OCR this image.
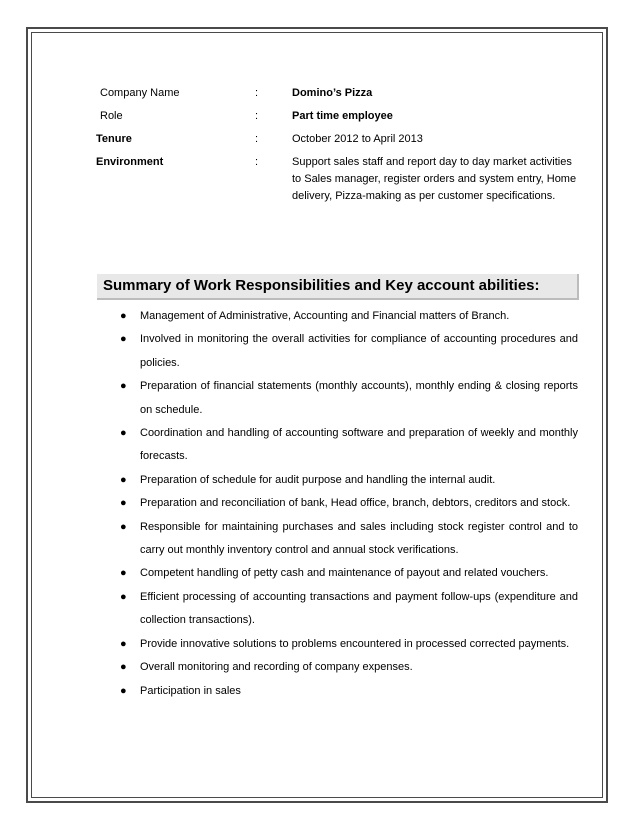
Company Name	:	Domino’s Pizza
Role	:	Part time employee
Tenure	:	October 2012 to April 2013
Environment	:	Support sales staff and report day to day market activities to Sales manager, register orders and system entry, Home delivery, Pizza-making as per customer specifications.
Summary of Work Responsibilities and Key account abilities:
● Management of Administrative, Accounting and Financial matters of Branch.
● Involved in monitoring the overall activities for compliance of accounting procedures and policies.
● Preparation of financial statements (monthly accounts), monthly ending & closing reports on schedule.
● Coordination and handling of accounting software and preparation of weekly and monthly forecasts.
● Preparation of schedule for audit purpose and handling the internal audit.
● Preparation and reconciliation of bank, Head office, branch, debtors, creditors and stock.
● Responsible for maintaining purchases and sales including stock register control and to carry out monthly inventory control and annual stock verifications.
● Competent handling of petty cash and maintenance of payout and related vouchers.
● Efficient processing of accounting transactions and payment follow-ups (expenditure and collection transactions).
● Provide innovative solutions to problems encountered in processed corrected payments.
● Overall monitoring and recording of company expenses.
● Participation in sales
